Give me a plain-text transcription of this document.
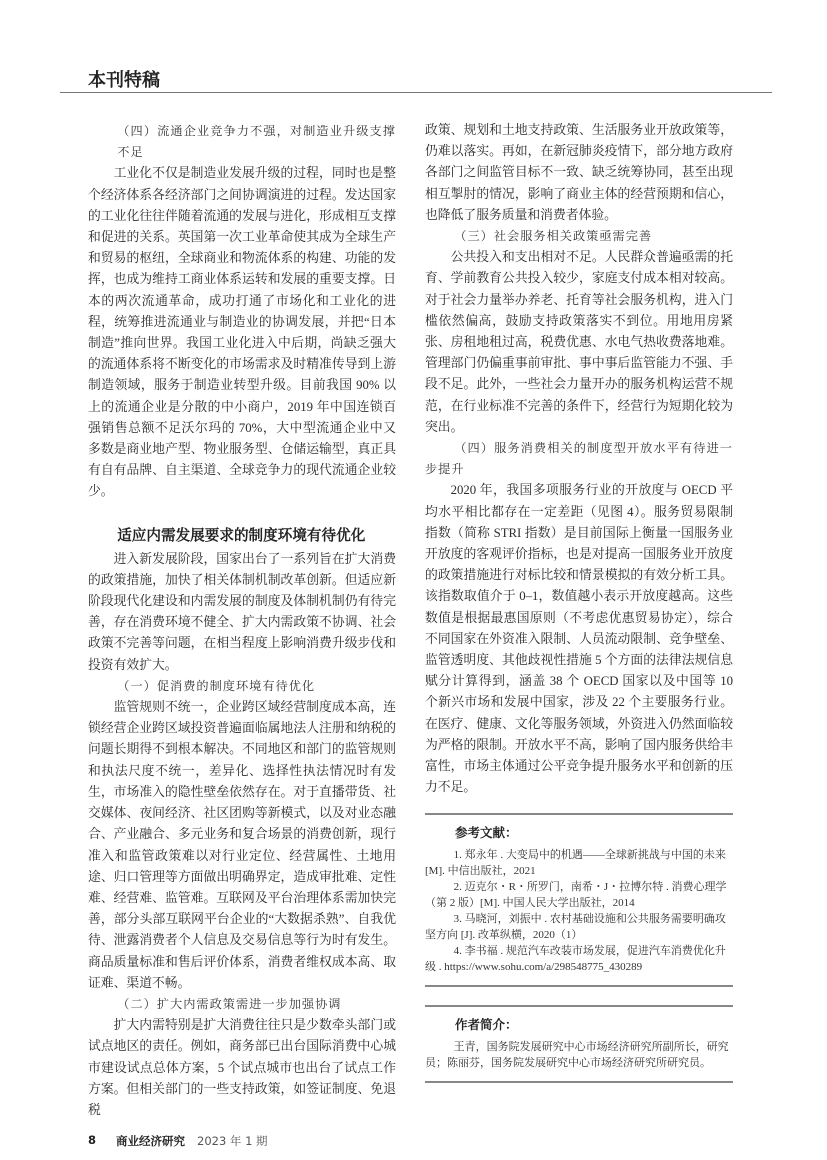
本刊特稿
（四）流通企业竞争力不强，对制造业升级支撑不足

工业化不仅是制造业发展升级的过程，同时也是整个经济体系各经济部门之间协调演进的过程。发达国家的工业化往往伴随着流通的发展与进化，形成相互支撑和促进的关系。英国第一次工业革命使其成为全球生产和贸易的枢纽，全球商业和物流体系的构建、功能的发挥，也成为维持工商业体系运转和发展的重要支撑。日本的两次流通革命，成功打通了市场化和工业化的进程，统筹推进流通业与制造业的协调发展，并把“日本制造”推向世界。我国工业化进入中后期，尚缺乏强大的流通体系将不断变化的市场需求及时精准传导到上游制造领域，服务于制造业转型升级。目前我国 90% 以上的流通企业是分散的中小商户，2019 年中国连锁百强销售总额不足沃尔玛的 70%，大中型流通企业中又多数是商业地产型、物业服务型、仓储运输型，真正具有自有品牌、自主渠道、全球竞争力的现代流通企业较少。

适应内需发展要求的制度环境有待优化

进入新发展阶段，国家出台了一系列旨在扩大消费的政策措施，加快了相关体制机制改革创新。但适应新阶段现代化建设和内需发展的制度及体制机制仍有待完善，存在消费环境不健全、扩大内需政策不协调、社会政策不完善等问题，在相当程度上影响消费升级步伐和投资有效扩大。

（一）促消费的制度环境有待优化

监管规则不统一，企业跨区域经营制度成本高，连锁经营企业跨区域投资普遍面临属地法人注册和纳税的问题长期得不到根本解决。不同地区和部门的监管规则和执法尺度不统一，差异化、选择性执法情况时有发生，市场准入的隐性壁垒依然存在。对于直播带货、社交媒体、夜间经济、社区团购等新模式，以及对业态融合、产业融合、多元业务和复合场景的消费创新，现行准入和监管政策难以对行业定位、经营属性、土地用途、归口管理等方面做出明确界定，造成审批难、定性难、经营难、监管难。互联网及平台治理体系需加快完善，部分头部互联网平台企业的“大数据杀熟”、自我优待、泄露消费者个人信息及交易信息等行为时有发生。商品质量标准和售后评价体系，消费者维权成本高、取证难、渠道不畅。

（二）扩大内需政策需进一步加强协调

扩大内需特别是扩大消费往往只是少数牵头部门或试点地区的责任。例如，商务部已出台国际消费中心城市建设试点总体方案，5 个试点城市也出台了试点工作方案。但相关部门的一些支持政策，如签证制度、免退税

8	商业经济研究 2023 年 1 期

政策、规划和土地支持政策、生活服务业开放政策等，仍难以落实。再如，在新冠肺炎疫情下，部分地方政府各部门之间监管目标不一致、缺乏统筹协同，甚至出现相互掣肘的情况，影响了商业主体的经营预期和信心，也降低了服务质量和消费者体验。

（三）社会服务相关政策亟需完善

公共投入和支出相对不足。人民群众普遍亟需的托育、学前教育公共投入较少，家庭支付成本相对较高。对于社会力量举办养老、托育等社会服务机构，进入门槛依然偏高，鼓励支持政策落实不到位。用地用房紧张、房租地租过高，税费优惠、水电气热收费落地难。管理部门仍偏重事前审批、事中事后监管能力不强、手段不足。此外，一些社会力量开办的服务机构运营不规范，在行业标准不完善的条件下，经营行为短期化较为突出。

（四）服务消费相关的制度型开放水平有待进一步提升

2020 年，我国多项服务行业的开放度与 OECD 平均水平相比都存在一定差距（见图 4）。服务贸易限制指数（简称 STRI 指数）是目前国际上衡量一国服务业开放度的客观评价指标，也是对提高一国服务业开放度的政策措施进行对标比较和情景模拟的有效分析工具。该指数取值介于 0–1，数值越小表示开放度越高。这些数值是根据最惠国原则（不考虑优惠贸易协定），综合不同国家在外资准入限制、人员流动限制、竞争壁垒、监管透明度、其他歧视性措施 5 个方面的法律法规信息赋分计算得到，涵盖 38 个 OECD 国家以及中国等 10 个新兴市场和发展中国家，涉及 22 个主要服务行业。在医疗、健康、文化等服务领域，外资进入仍然面临较为严格的限制。开放水平不高，影响了国内服务供给丰富性，市场主体通过公平竞争提升服务水平和创新的压力不足。

参考文献：

1. 郑永年 . 大变局中的机遇——全球新挑战与中国的未来 [M]. 中信出版社，2021

2. 迈克尔・R・所罗门，南希・J・拉博尔特 . 消费心理学（第 2 版）[M]. 中国人民大学出版社，2014

3. 马晓河，刘振中 . 农村基础设施和公共服务需要明确攻坚方向 [J]. 改革纵横，2020（1）

4. 李书福 . 规范汽车改装市场发展，促进汽车消费优化升级 . https://www.sohu.com/a/298548775_430289

作者简介：

王青，国务院发展研究中心市场经济研究所副所长，研究员；陈丽芬，国务院发展研究中心市场经济研究所研究员。
